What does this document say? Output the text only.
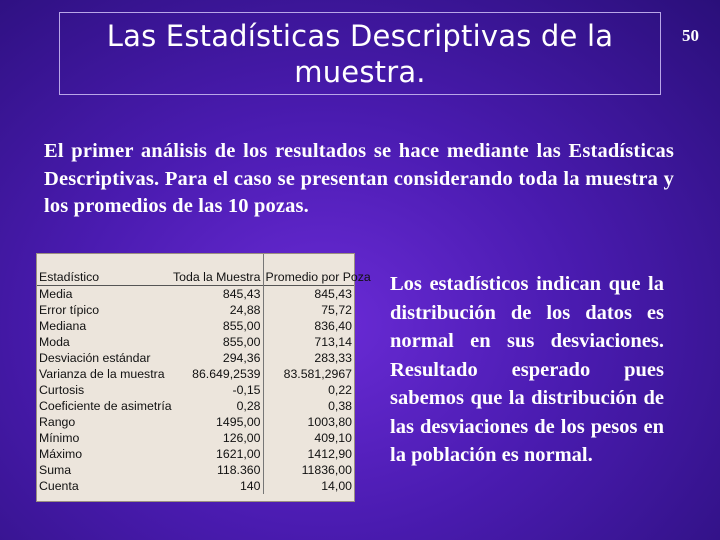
Las Estadísticas Descriptivas de la muestra.
50
El primer análisis de los resultados se hace mediante las Estadísticas Descriptivas. Para el caso se presentan considerando toda la muestra y los promedios de las 10 pozas.
Estadístico	Toda la Muestra	Promedio por Poza
Media	845,43	845,43
Error típico	24,88	75,72
Mediana	855,00	836,40
Moda	855,00	713,14
Desviación estándar	294,36	283,33
Varianza de la muestra	86.649,2539	83.581,2967
Curtosis	-0,15	0,22
Coeficiente de asimetría	0,28	0,38
Rango	1495,00	1003,80
Mínimo	126,00	409,10
Máximo	1621,00	1412,90
Suma	118.360	11836,00
Cuenta	140	14,00
Los estadísticos indican que la distribución de los datos es normal en sus desviaciones. Resultado esperado pues sabemos que la distribución de las desviaciones de los pesos en la población es normal.
